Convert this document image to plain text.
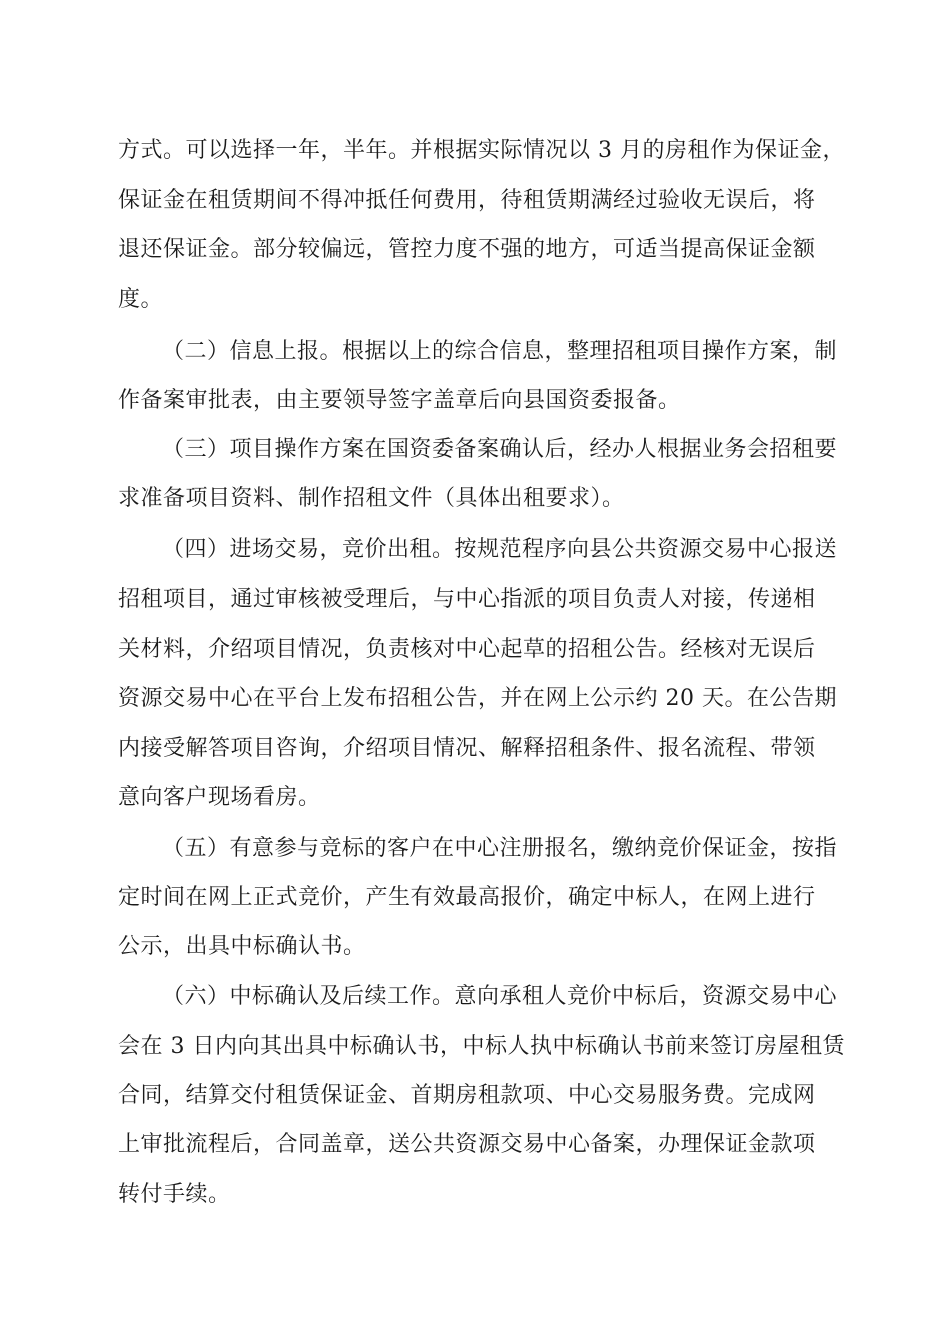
方式。可以选择一年，半年。并根据实际情况以 3 月的房租作为保证金，
保证金在租赁期间不得冲抵任何费用，待租赁期满经过验收无误后，将
退还保证金。部分较偏远，管控力度不强的地方，可适当提高保证金额
度。
（二）信息上报。根据以上的综合信息，整理招租项目操作方案，制
作备案审批表，由主要领导签字盖章后向县国资委报备。
（三）项目操作方案在国资委备案确认后，经办人根据业务会招租要
求准备项目资料、制作招租文件（具体出租要求）。
（四）进场交易，竞价出租。按规范程序向县公共资源交易中心报送
招租项目，通过审核被受理后，与中心指派的项目负责人对接，传递相
关材料，介绍项目情况，负责核对中心起草的招租公告。经核对无误后
资源交易中心在平台上发布招租公告，并在网上公示约 20 天。在公告期
内接受解答项目咨询，介绍项目情况、解释招租条件、报名流程、带领
意向客户现场看房。
（五）有意参与竞标的客户在中心注册报名，缴纳竞价保证金，按指
定时间在网上正式竞价，产生有效最高报价，确定中标人，在网上进行
公示，出具中标确认书。
（六）中标确认及后续工作。意向承租人竞价中标后，资源交易中心
会在 3 日内向其出具中标确认书，中标人执中标确认书前来签订房屋租赁
合同，结算交付租赁保证金、首期房租款项、中心交易服务费。完成网
上审批流程后，合同盖章，送公共资源交易中心备案，办理保证金款项
转付手续。
